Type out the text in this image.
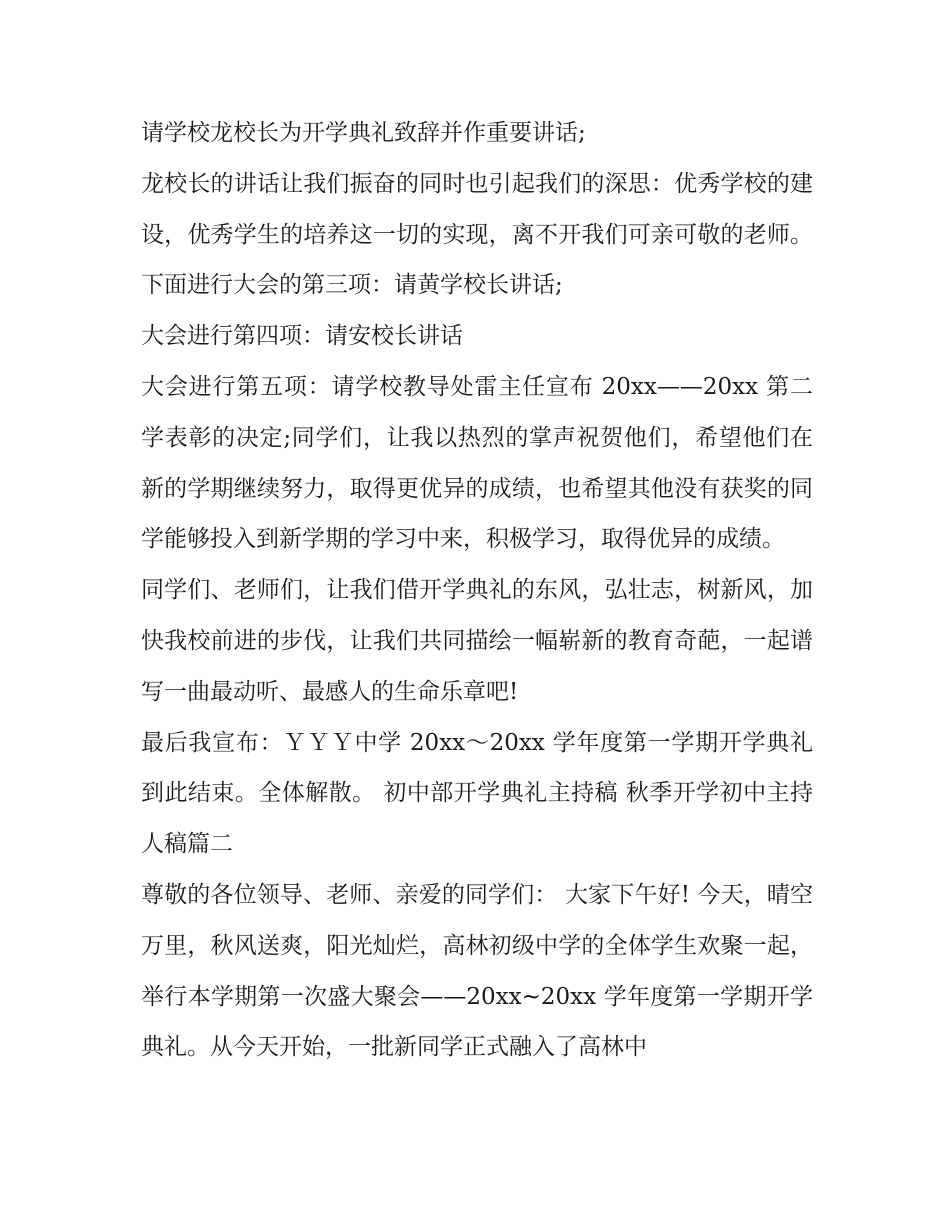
请学校龙校长为开学典礼致辞并作重要讲话;

龙校长的讲话让我们振奋的同时也引起我们的深思：优秀学校的建设，优秀学生的培养这一切的实现，离不开我们可亲可敬的老师。 下面进行大会的第三项：请黄学校长讲话;

大会进行第四项：请安校长讲话

大会进行第五项：请学校教导处雷主任宣布 20xx——20xx 第二学表彰的决定;同学们，让我以热烈的掌声祝贺他们，希望他们在新的学期继续努力，取得更优异的成绩，也希望其他没有获奖的同学能够投入到新学期的学习中来，积极学习，取得优异的成绩。

同学们、老师们，让我们借开学典礼的东风，弘壮志，树新风，加快我校前进的步伐，让我们共同描绘一幅崭新的教育奇葩，一起谱写一曲最动听、最感人的生命乐章吧!

最后我宣布：ＹＹＹ中学 20xx～20xx 学年度第一学期开学典礼到此结束。全体解散。 初中部开学典礼主持稿 秋季开学初中主持人稿篇二

尊敬的各位领导、老师、亲爱的同学们： 大家下午好! 今天，晴空万里，秋风送爽，阳光灿烂，高林初级中学的全体学生欢聚一起，举行本学期第一次盛大聚会——20xx~20xx 学年度第一学期开学典礼。从今天开始，一批新同学正式融入了高林中
